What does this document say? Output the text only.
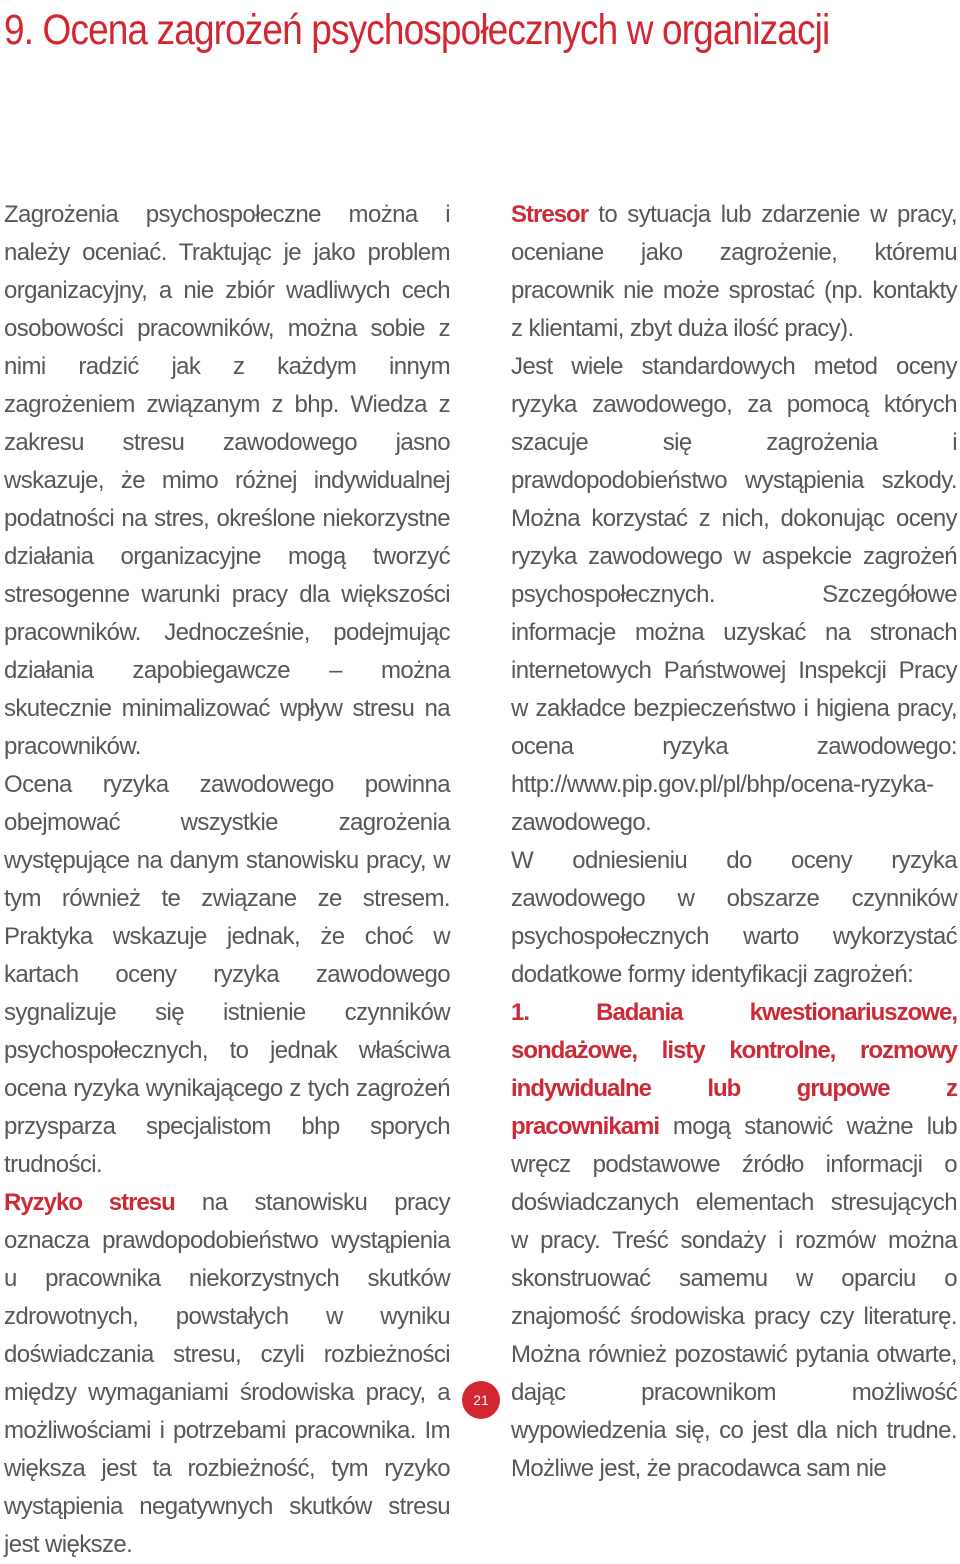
9. Ocena zagrożeń psychospołecznych w organizacji

Zagrożenia psychospołeczne można i należy oceniać. Traktując je jako problem organizacyjny, a nie zbiór wadliwych cech osobowości pracowników, można sobie z nimi radzić jak z każdym innym zagrożeniem związanym z bhp. Wiedza z zakresu stresu zawodowego jasno wskazuje, że mimo różnej indywidualnej podatności na stres, określone niekorzystne działania organizacyjne mogą tworzyć stresogenne warunki pracy dla większości pracowników. Jednocześnie, podejmując działania zapobiegawcze – można skutecznie minimalizować wpływ stresu na pracowników.

Ocena ryzyka zawodowego powinna obejmować wszystkie zagrożenia występujące na danym stanowisku pracy, w tym również te związane ze stresem. Praktyka wskazuje jednak, że choć w kartach oceny ryzyka zawodowego sygnalizuje się istnienie czynników psychospołecznych, to jednak właściwa ocena ryzyka wynikającego z tych zagrożeń przysparza specjalistom bhp sporych trudności.

Ryzyko stresu na stanowisku pracy oznacza prawdopodobieństwo wystąpienia u pracownika niekorzystnych skutków zdrowotnych, powstałych w wyniku doświadczania stresu, czyli rozbieżności między wymaganiami środowiska pracy, a możliwościami i potrzebami pracownika. Im większa jest ta rozbieżność, tym ryzyko wystąpienia negatywnych skutków stresu jest większe.

Stresor to sytuacja lub zdarzenie w pracy, oceniane jako zagrożenie, któremu pracownik nie może sprostać (np. kontakty z klientami, zbyt duża ilość pracy).

Jest wiele standardowych metod oceny ryzyka zawodowego, za pomocą których szacuje się zagrożenia i prawdopodobieństwo wystąpienia szkody. Można korzystać z nich, dokonując oceny ryzyka zawodowego w aspekcie zagrożeń psychospołecznych. Szczegółowe informacje można uzyskać na stronach internetowych Państwowej Inspekcji Pracy w zakładce bezpieczeństwo i higiena pracy, ocena ryzyka zawodowego: http://www.pip.gov.pl/pl/bhp/ocena-ryzyka-zawodowego.

W odniesieniu do oceny ryzyka zawodowego w obszarze czynników psychospołecznych warto wykorzystać dodatkowe formy identyfikacji zagrożeń:

1. Badania kwestionariuszowe, sondażowe, listy kontrolne, rozmowy indywidualne lub grupowe z pracownikami mogą stanowić ważne lub wręcz podstawowe źródło informacji o doświadczanych elementach stresujących w pracy. Treść sondaży i rozmów można skonstruować samemu w oparciu o znajomość środowiska pracy czy literaturę. Można również pozostawić pytania otwarte, dając pracownikom możliwość wypowiedzenia się, co jest dla nich trudne. Możliwe jest, że pracodawca sam nie

21
